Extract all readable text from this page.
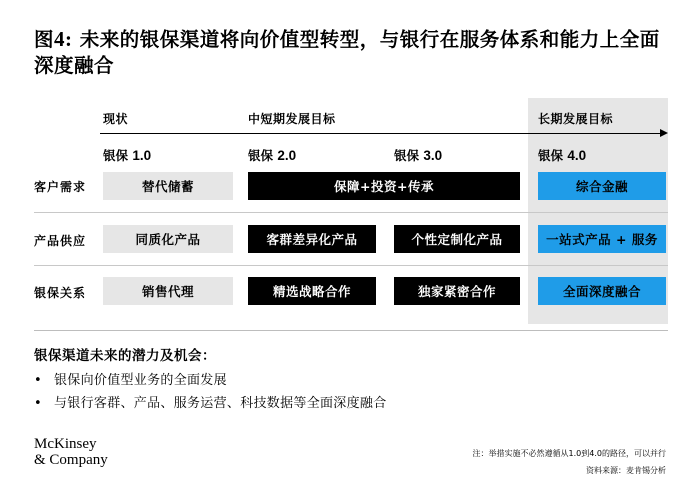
图4: 未来的银保渠道将向价值型转型，与银行在服务体系和能力上全面深度融合
现状	中短期发展目标	长期发展目标
银保 1.0	银保 2.0	银保 3.0	银保 4.0
客户需求	替代储蓄	保障+投资+传承	综合金融
产品供应	同质化产品	客群差异化产品	个性定制化产品	一站式产品 + 服务
银保关系	销售代理	精选战略合作	独家紧密合作	全面深度融合
银保渠道未来的潜力及机会：
• 银保向价值型业务的全面发展
• 与银行客群、产品、服务运营、科技数据等全面深度融合
McKinsey
& Company	注：举措实施不必然遵循从1.0到4.0的路径，可以并行
资料来源：麦肯锡分析
